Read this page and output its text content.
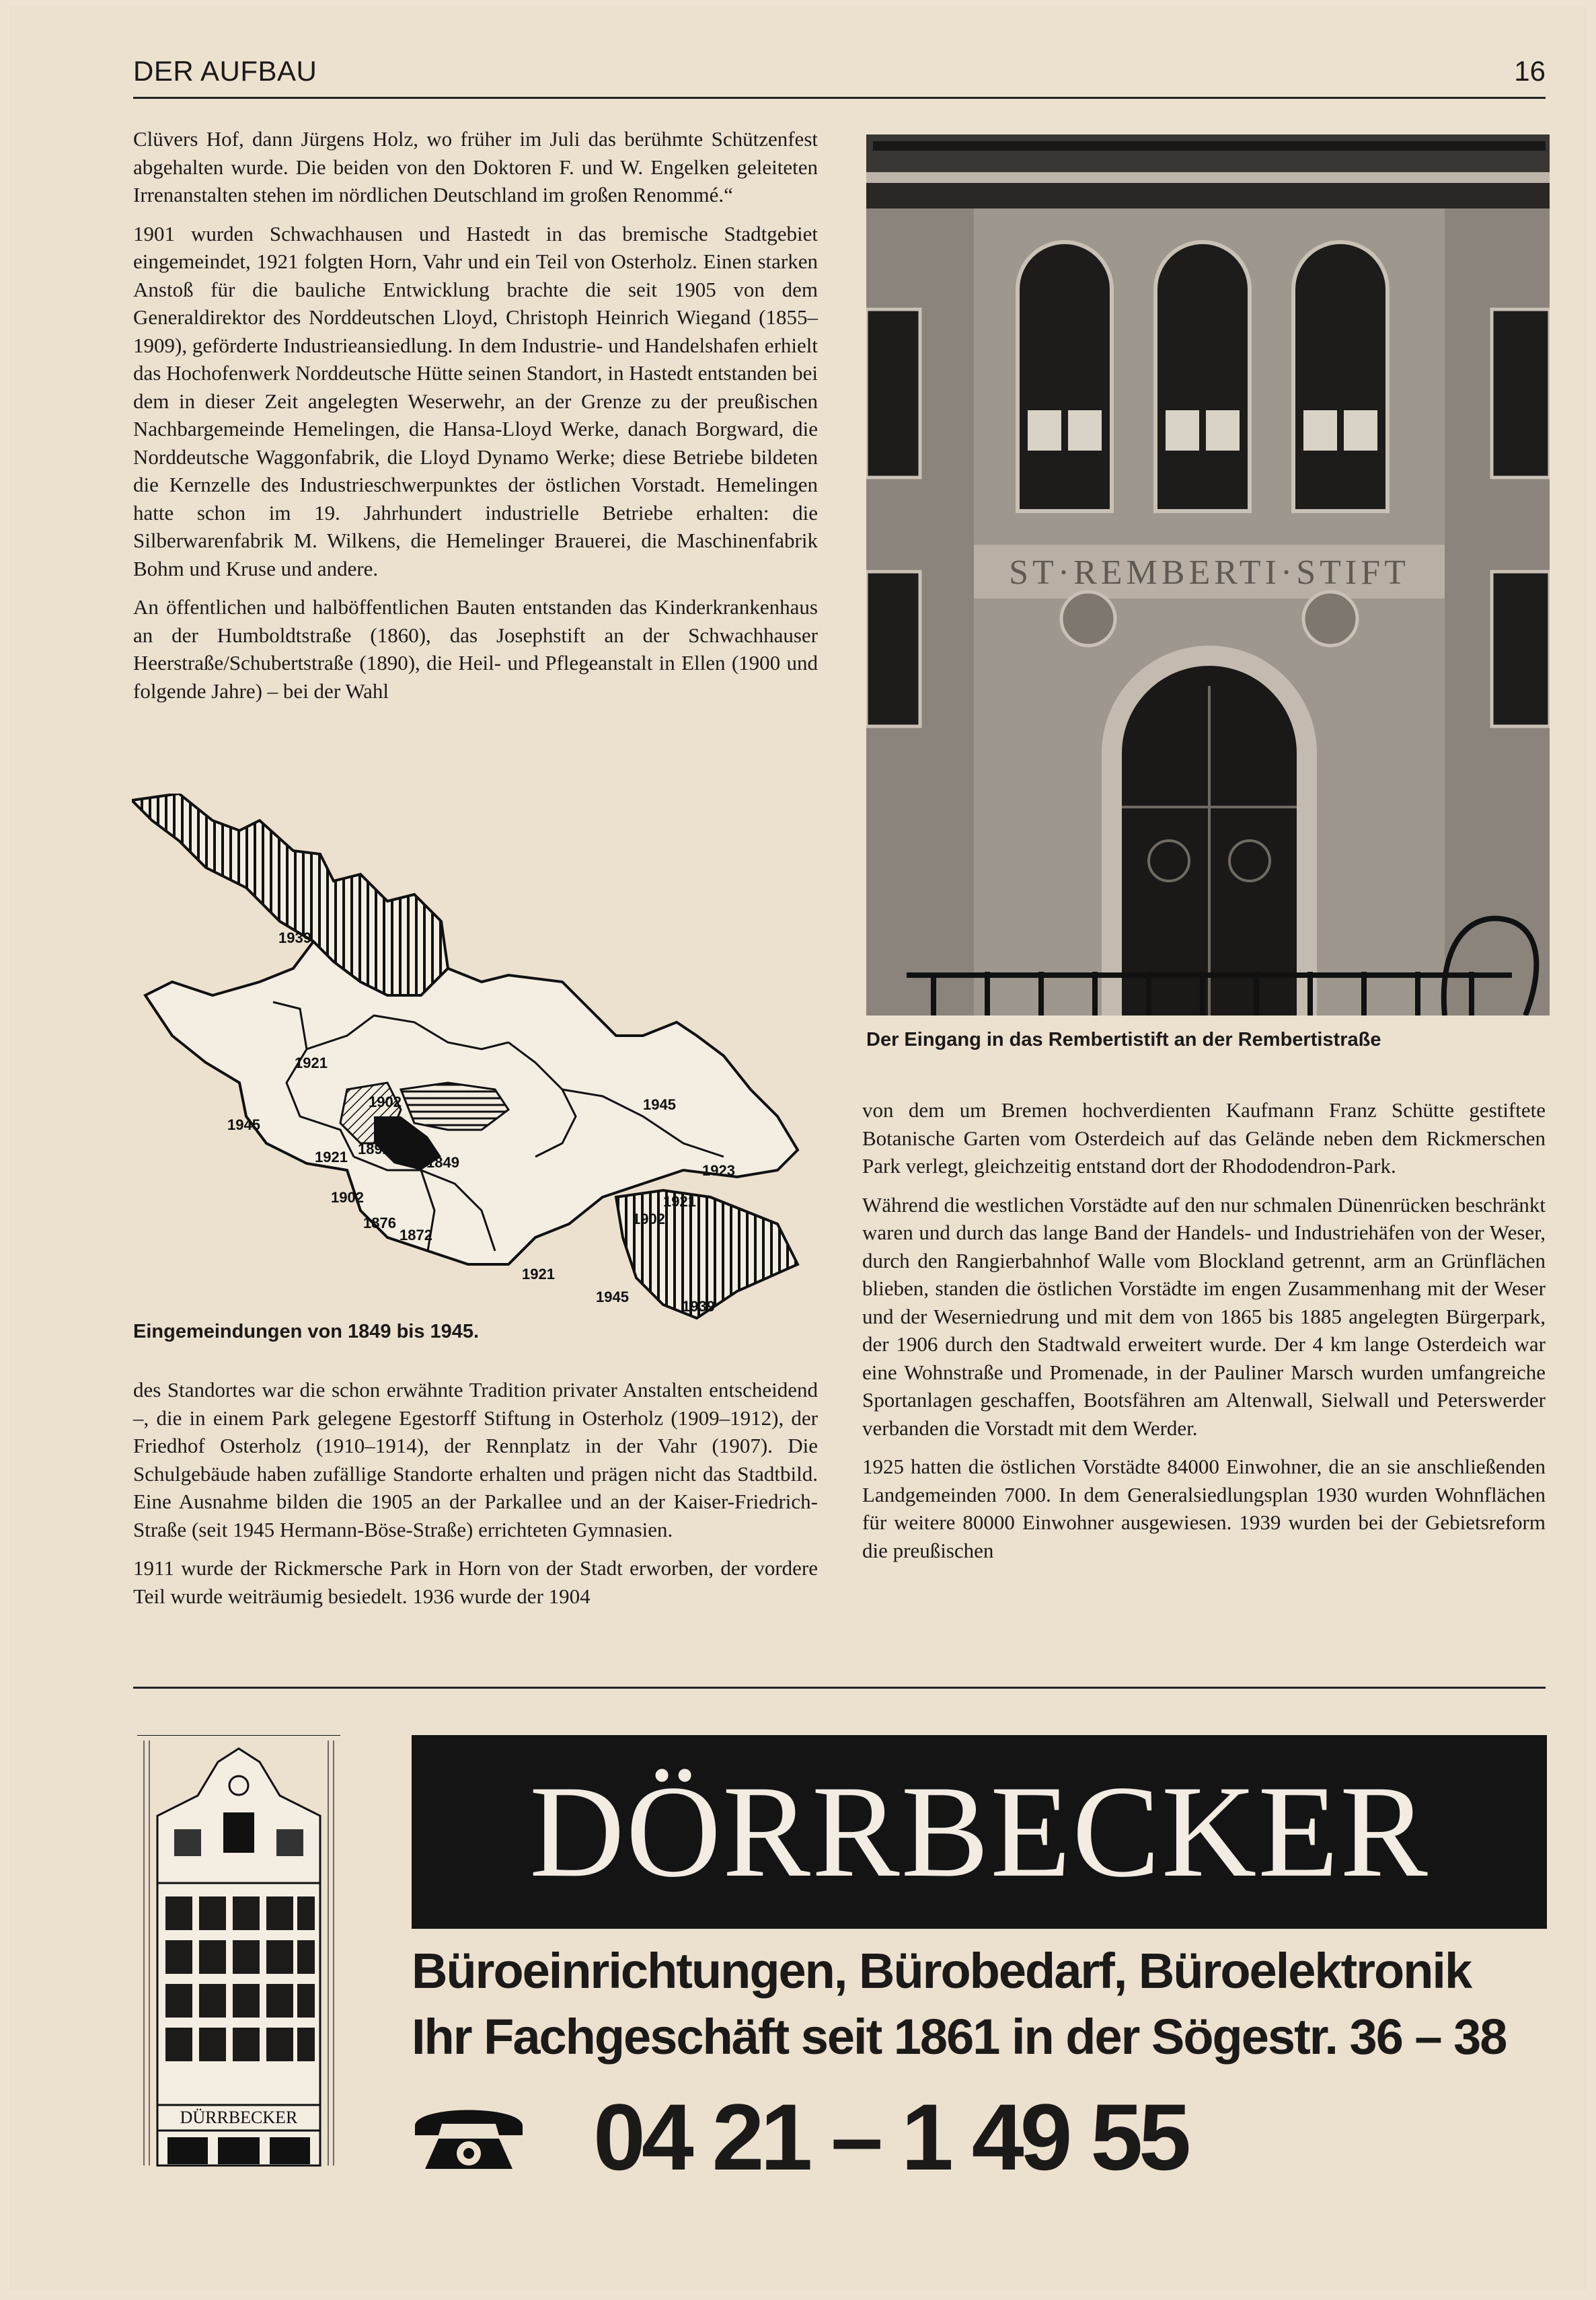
DER AUFBAU	16

Clüvers Hof, dann Jürgens Holz, wo früher im Juli das berühmte Schützenfest abgehalten wurde. Die beiden von den Doktoren F. und W. Engelken geleiteten Irrenanstalten stehen im nördlichen Deutschland im großen Renommé.“

1901 wurden Schwachhausen und Hastedt in das bremische Stadtgebiet eingemeindet, 1921 folgten Horn, Vahr und ein Teil von Osterholz. Einen starken Anstoß für die bauliche Entwicklung brachte die seit 1905 von dem Generaldirektor des Norddeutschen Lloyd, Christoph Heinrich Wiegand (1855–1909), geförderte Industrieansiedlung. In dem Industrie- und Handelshafen erhielt das Hochofenwerk Norddeutsche Hütte seinen Standort, in Hastedt entstanden bei dem in dieser Zeit angelegten Weserwehr, an der Grenze zu der preußischen Nachbargemeinde Hemelingen, die Hansa-Lloyd Werke, danach Borgward, die Norddeutsche Waggonfabrik, die Lloyd Dynamo Werke; diese Betriebe bildeten die Kernzelle des Industrieschwerpunktes der östlichen Vorstadt. Hemelingen hatte schon im 19. Jahrhundert industrielle Betriebe erhalten: die Silberwarenfabrik M. Wilkens, die Hemelinger Brauerei, die Maschinenfabrik Bohm und Kruse und andere.

An öffentlichen und halböffentlichen Bauten entstanden das Kinderkrankenhaus an der Humboldtstraße (1860), das Josephstift an der Schwachhauser Heerstraße/Schubertstraße (1890), die Heil- und Pflegeanstalt in Ellen (1900 und folgende Jahre) – bei der Wahl

1939
1921
1902	1945
1945
1921 1892
1849	1923
1902	1921
1876
1872
1902
1921
1945
1939
Eingemeindungen von 1849 bis 1945.

des Standortes war die schon erwähnte Tradition privater Anstalten entscheidend –, die in einem Park gelegene Egestorff Stiftung in Osterholz (1909–1912), der Friedhof Osterholz (1910–1914), der Rennplatz in der Vahr (1907). Die Schulgebäude haben zufällige Standorte erhalten und prägen nicht das Stadtbild. Eine Ausnahme bilden die 1905 an der Parkallee und an der Kaiser-Friedrich-Straße (seit 1945 Hermann-Böse-Straße) errichteten Gymnasien.

1911 wurde der Rickmersche Park in Horn von der Stadt erworben, der vordere Teil wurde weiträumig besiedelt. 1936 wurde der 1904

ST·REMBERTI·STIFT
Der Eingang in das Rembertistift an der Rembertistraße

von dem um Bremen hochverdienten Kaufmann Franz Schütte gestiftete Botanische Garten vom Osterdeich auf das Gelände neben dem Rickmerschen Park verlegt, gleichzeitig entstand dort der Rhododendron-Park.

Während die westlichen Vorstädte auf den nur schmalen Dünenrücken beschränkt waren und durch das lange Band der Handels- und Industriehäfen von der Weser, durch den Rangierbahnhof Walle vom Blockland getrennt, arm an Grünflächen blieben, standen die östlichen Vorstädte im engen Zusammenhang mit der Weser und der Weserniedrung und mit dem von 1865 bis 1885 angelegten Bürgerpark, der 1906 durch den Stadtwald erweitert wurde. Der 4 km lange Osterdeich war eine Wohnstraße und Promenade, in der Pauliner Marsch wurden umfangreiche Sportanlagen geschaffen, Bootsfähren am Altenwall, Sielwall und Peterswerder verbanden die Vorstadt mit dem Werder.

1925 hatten die östlichen Vorstädte 84000 Einwohner, die an sie anschließenden Landgemeinden 7000. In dem Generalsiedlungsplan 1930 wurden Wohnflächen für weitere 80000 Einwohner ausgewiesen. 1939 wurden bei der Gebietsreform die preußischen

DÜRRBECKER
DÖRRBECKER
Büroeinrichtungen, Bürobedarf, Büroelektronik
Ihr Fachgeschäft seit 1861 in der Sögestr. 36 – 38
04 21 – 1 49 55
